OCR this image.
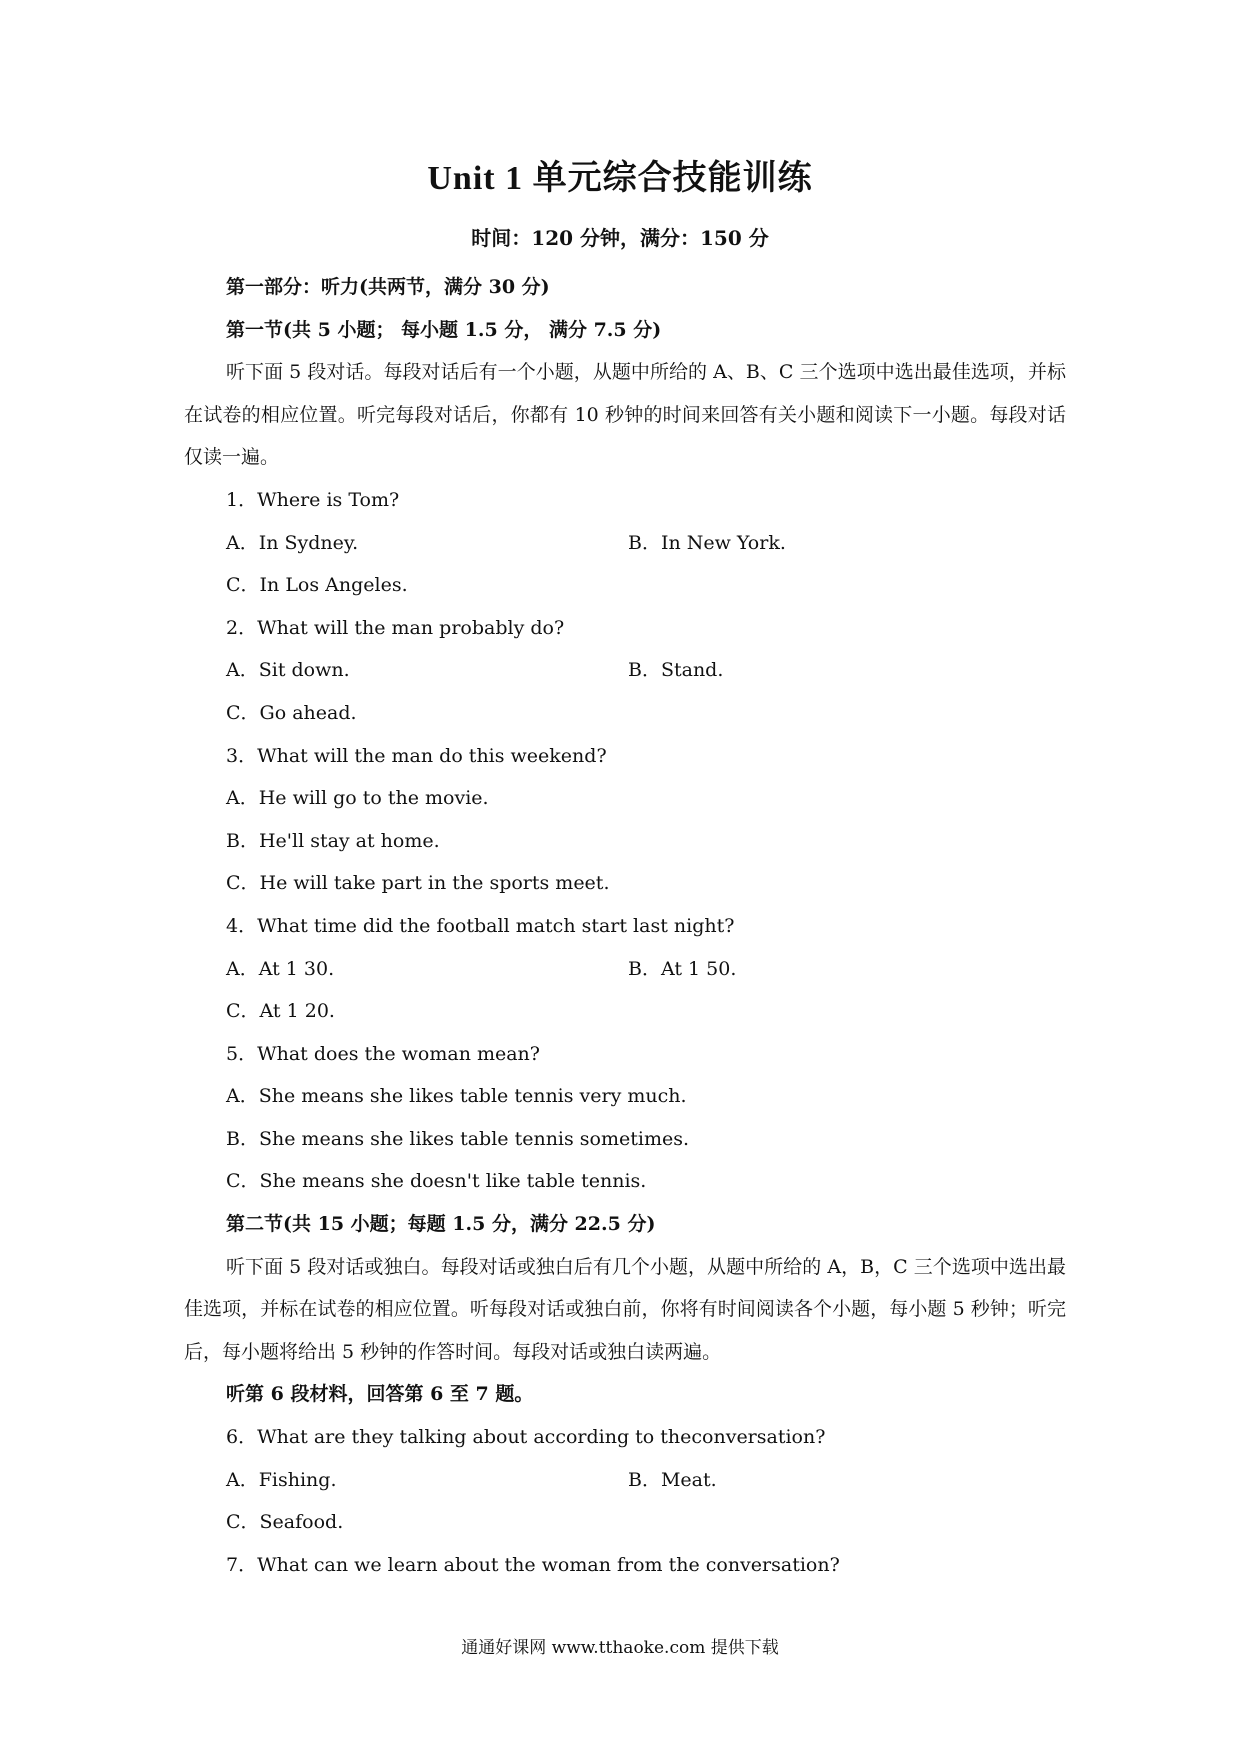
Unit 1 单元综合技能训练
时间：120 分钟，满分：150 分
第一部分：听力(共两节，满分 30 分)
第一节(共 5 小题； 每小题 1.5 分， 满分 7.5 分)
听下面 5 段对话。每段对话后有一个小题，从题中所给的 A、B、C 三个选项中选出最佳选项，并标在试卷的相应位置。听完每段对话后，你都有 10 秒钟的时间来回答有关小题和阅读下一小题。每段对话仅读一遍。
1．Where is Tom?
A．In Sydney.	B．In New York.
C．In Los Angeles.
2．What will the man probably do?
A．Sit down.	B．Stand.
C．Go ahead.
3．What will the man do this weekend?
A．He will go to the movie.
B．He'll stay at home.
C．He will take part in the sports meet.
4．What time did the football match start last night?
A．At 1 30.	B．At 1 50.
C．At 1 20.
5．What does the woman mean?
A．She means she likes table tennis very much.
B．She means she likes table tennis sometimes.
C．She means she doesn't like table tennis.
第二节(共 15 小题；每题 1.5 分，满分 22.5 分)
听下面 5 段对话或独白。每段对话或独白后有几个小题，从题中所给的 A，B，C 三个选项中选出最佳选项，并标在试卷的相应位置。听每段对话或独白前，你将有时间阅读各个小题，每小题 5 秒钟；听完后，每小题将给出 5 秒钟的作答时间。每段对话或独白读两遍。
听第 6 段材料，回答第 6 至 7 题。
6．What are they talking about according to theconversation?
A．Fishing.	B．Meat.
C．Seafood.
7．What can we learn about the woman from the conversation?
通通好课网 www.tthaoke.com 提供下载
